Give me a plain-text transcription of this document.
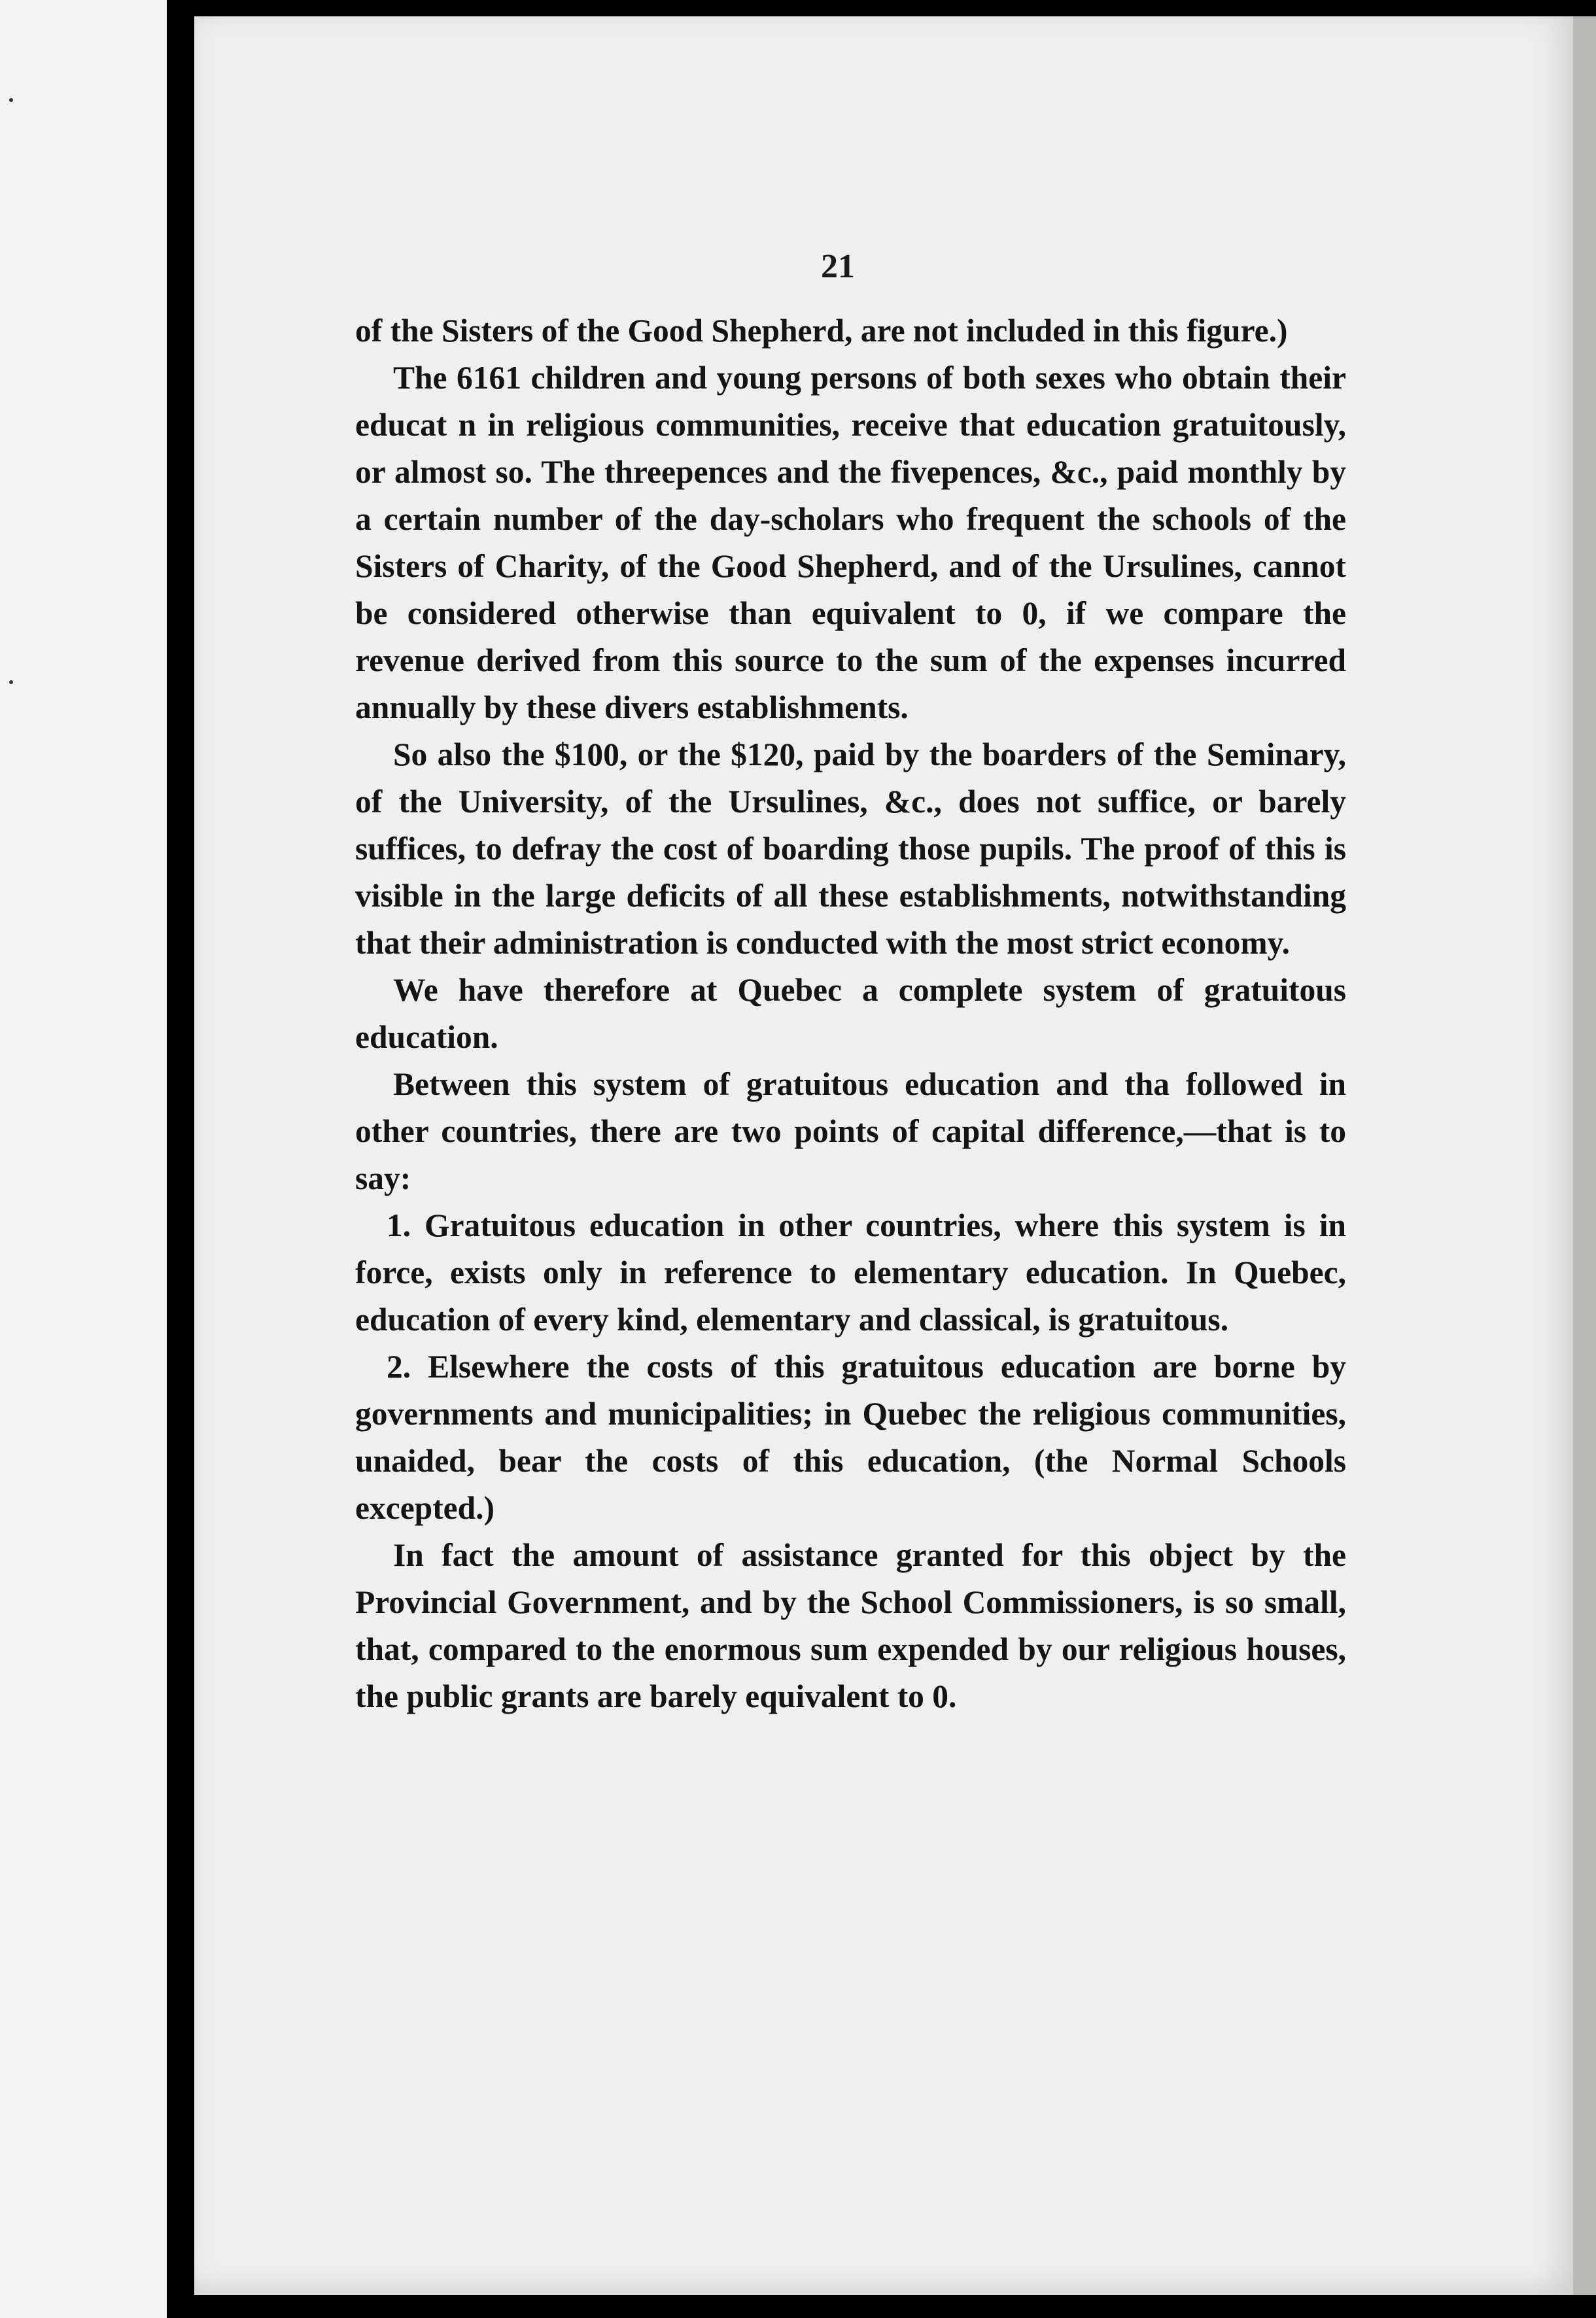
21

of the Sisters of the Good Shepherd, are not included in this figure.)

The 6161 children and young persons of both sexes who obtain their educat n in religious communities, receive that education gratuitously, or almost so. The threepences and the fivepences, &c., paid monthly by a certain number of the day-scholars who frequent the schools of the Sisters of Charity, of the Good Shepherd, and of the Ursulines, cannot be considered otherwise than equivalent to 0, if we compare the revenue derived from this source to the sum of the expenses incurred annually by these divers establishments.

So also the $100, or the $120, paid by the boarders of the Seminary, of the University, of the Ursulines, &c., does not suffice, or barely suffices, to defray the cost of boarding those pupils. The proof of this is visible in the large deficits of all these establishments, notwithstanding that their administration is conducted with the most strict economy.

We have therefore at Quebec a complete system of gratuitous education.

Between this system of gratuitous education and tha followed in other countries, there are two points of capital difference,—that is to say:

1. Gratuitous education in other countries, where this system is in force, exists only in reference to elementary education. In Quebec, education of every kind, elementary and classical, is gratuitous.

2. Elsewhere the costs of this gratuitous education are borne by governments and municipalities; in Quebec the religious communities, unaided, bear the costs of this education, (the Normal Schools excepted.)

In fact the amount of assistance granted for this object by the Provincial Government, and by the School Commissioners, is so small, that, compared to the enormous sum expended by our religious houses, the public grants are barely equivalent to 0.
